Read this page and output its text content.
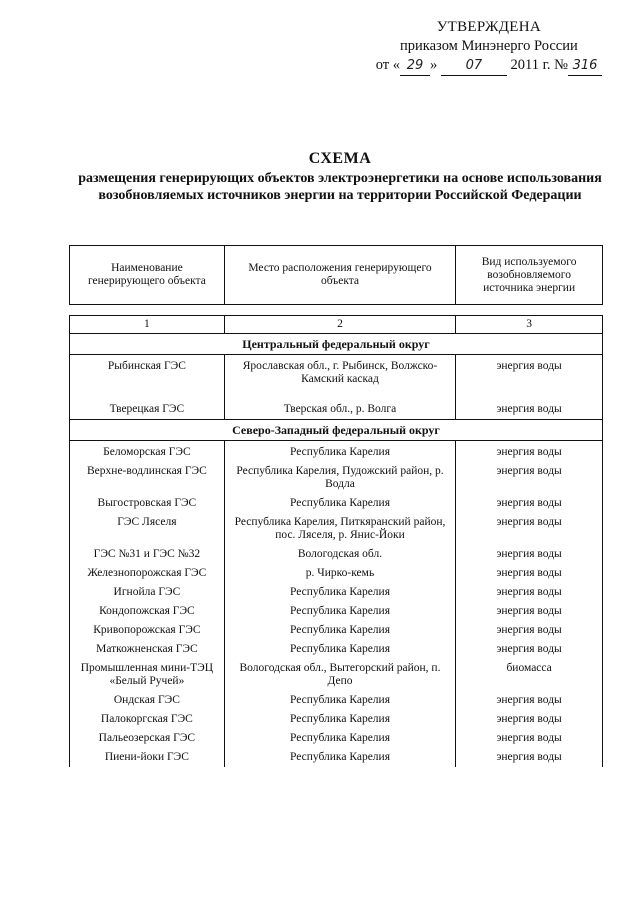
УТВЕРЖДЕНА
приказом Минэнерго России
от « 29 » 07 2011 г. № 316
СХЕМА
размещения генерирующих объектов электроэнергетики на основе использования возобновляемых источников энергии на территории Российской Федерации
Наименование генерирующего объекта	Место расположения генерирующего объекта	Вид используемого возобновляемого источника энергии

1	2	3
Центральный федеральный округ		
Рыбинская ГЭС	Ярославская обл., г. Рыбинск, Волжско-Камский каскад	энергия воды
Тверецкая ГЭС	Тверская обл., р. Волга	энергия воды
Северо-Западный федеральный округ		
Беломорская ГЭС	Республика Карелия	энергия воды
Верхне-водлинская ГЭС	Республика Карелия, Пудожский район, р. Водла	энергия воды
Выгостровская ГЭС	Республика Карелия	энергия воды
ГЭС Ляселя	Республика Карелия, Питкяранский район, пос. Ляселя, р. Янис-Йоки	энергия воды
ГЭС №31 и ГЭС №32	Вологодская обл.	энергия воды
Железнопорожская ГЭС	р. Чирко-кемь	энергия воды
Игнойла ГЭС	Республика Карелия	энергия воды
Кондопожская ГЭС	Республика Карелия	энергия воды
Кривопорожская ГЭС	Республика Карелия	энергия воды
Маткожненская ГЭС	Республика Карелия	энергия воды
Промышленная мини-ТЭЦ «Белый Ручей»	Вологодская обл., Вытегорский район, п. Депо	биомасса
Ондская ГЭС	Республика Карелия	энергия воды
Палокоргская ГЭС	Республика Карелия	энергия воды
Пальеозерская ГЭС	Республика Карелия	энергия воды
Пиени-йоки ГЭС	Республика Карелия	энергия воды
